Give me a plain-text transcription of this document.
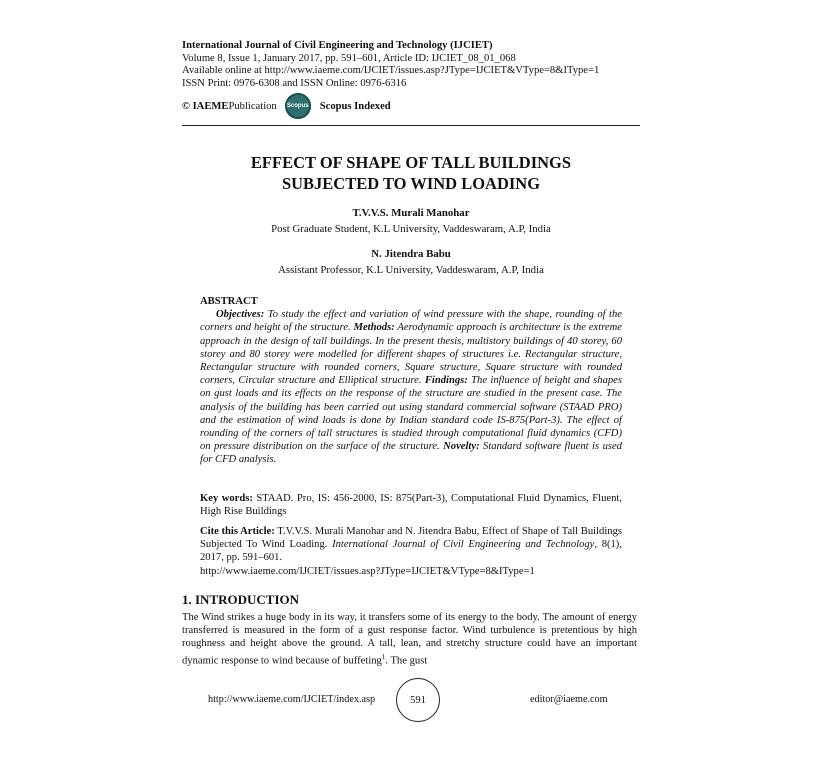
International Journal of Civil Engineering and Technology (IJCIET)
Volume 8, Issue 1, January 2017, pp. 591–601, Article ID: IJCIET_08_01_068
Available online at http://www.iaeme.com/IJCIET/issues.asp?JType=IJCIET&VType=8&IType=1
ISSN Print: 0976-6308 and ISSN Online: 0976-6316
© IAEME Publication Scopus Scopus Indexed
EFFECT OF SHAPE OF TALL BUILDINGS
SUBJECTED TO WIND LOADING
T.V.V.S. Murali Manohar
Post Graduate Student, K.L University, Vaddeswaram, A.P, India
N. Jitendra Babu
Assistant Professor, K.L University, Vaddeswaram, A.P, India
ABSTRACT
Objectives: To study the effect and variation of wind pressure with the shape, rounding of the corners and height of the structure. Methods: Aerodynamic approach is architecture is the extreme approach in the design of tall buildings. In the present thesis, multistory buildings of 40 storey, 60 storey and 80 storey were modelled for different shapes of structures i.e. Rectangular structure, Rectangular structure with rounded corners, Square structure, Square structure with rounded corners, Circular structure and Elliptical structure. Findings: The influence of height and shapes on gust loads and its effects on the response of the structure are studied in the present case. The analysis of the building has been carried out using standard commercial software (STAAD PRO) and the estimation of wind loads is done by Indian standard code IS-875(Part-3). The effect of rounding of the corners of tall structures is studied through computational fluid dynamics (CFD) on pressure distribution on the surface of the structure. Novelty: Standard software fluent is used for CFD analysis.
Key words: STAAD. Pro, IS: 456-2000, IS: 875(Part-3), Computational Fluid Dynamics, Fluent, High Rise Buildings
Cite this Article: T.V.V.S. Murali Manohar and N. Jitendra Babu, Effect of Shape of Tall Buildings Subjected To Wind Loading. International Journal of Civil Engineering and Technology, 8(1), 2017, pp. 591–601.
http://www.iaeme.com/IJCIET/issues.asp?JType=IJCIET&VType=8&IType=1
1. INTRODUCTION
The Wind strikes a huge body in its way, it transfers some of its energy to the body. The amount of energy transferred is measured in the form of a gust response factor. Wind turbulence is pretentious by high roughness and height above the ground. A tall, lean, and stretchy structure could have an important dynamic response to wind because of buffeting$^1$. The gust
http://www.iaeme.com/IJCIET/index.asp	591	editor@iaeme.com
